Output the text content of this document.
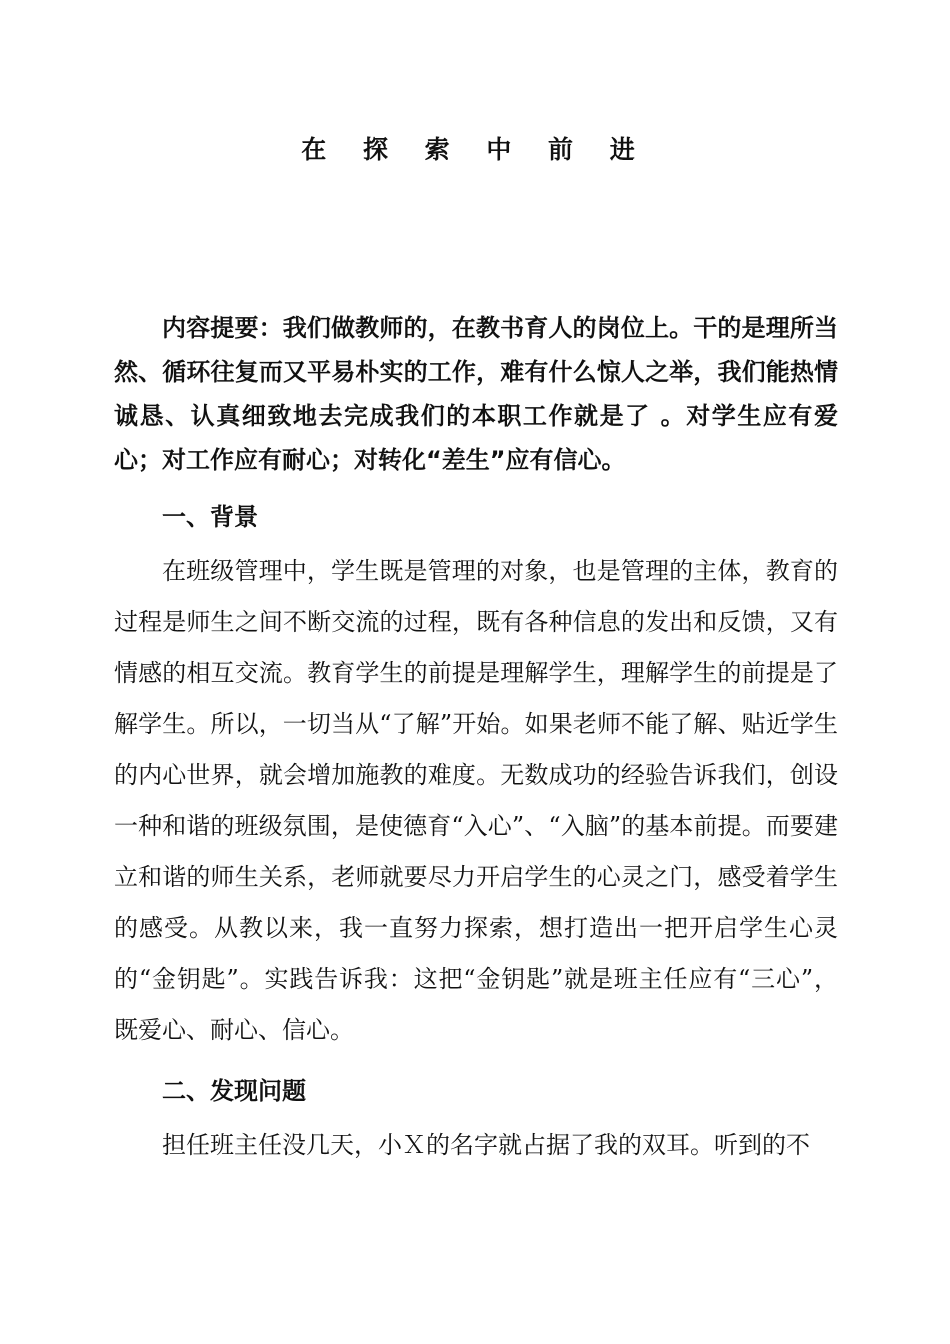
在 探 索 中 前 进

内容提要：我们做教师的，在教书育人的岗位上。干的是理所当然、循环往复而又平易朴实的工作，难有什么惊人之举，我们能热情诚恳、认真细致地去完成我们的本职工作就是了 。对学生应有爱心；对工作应有耐心；对转化“差生”应有信心。

一、背景

在班级管理中，学生既是管理的对象，也是管理的主体，教育的过程是师生之间不断交流的过程，既有各种信息的发出和反馈，又有情感的相互交流。教育学生的前提是理解学生，理解学生的前提是了解学生。所以，一切当从“了解”开始。如果老师不能了解、贴近学生的内心世界，就会增加施教的难度。无数成功的经验告诉我们，创设一种和谐的班级氛围，是使德育“入心”、“入脑”的基本前提。而要建立和谐的师生关系，老师就要尽力开启学生的心灵之门，感受着学生的感受。从教以来，我一直努力探索，想打造出一把开启学生心灵的“金钥匙”。实践告诉我：这把“金钥匙”就是班主任应有“三心”， 既爱心、耐心、信心。

二、发现问题

担任班主任没几天，小Ｘ的名字就占据了我的双耳。听到的不
